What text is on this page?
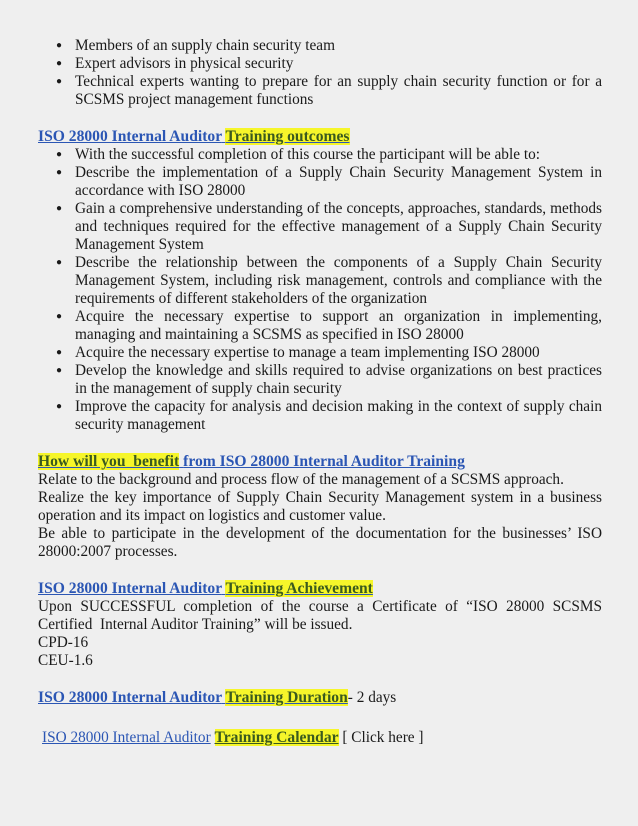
● Members of an supply chain security team
● Expert advisors in physical security
● Technical experts wanting to prepare for an supply chain security function or for a SCSMS project management functions
ISO 28000 Internal Auditor Training outcomes
● With the successful completion of this course the participant will be able to:
● Describe the implementation of a Supply Chain Security Management System in accordance with ISO 28000
● Gain a comprehensive understanding of the concepts, approaches, standards, methods and techniques required for the effective management of a Supply Chain Security Management System
● Describe the relationship between the components of a Supply Chain Security Management System, including risk management, controls and compliance with the requirements of different stakeholders of the organization
● Acquire the necessary expertise to support an organization in implementing, managing and maintaining a SCSMS as specified in ISO 28000
● Acquire the necessary expertise to manage a team implementing ISO 28000
● Develop the knowledge and skills required to advise organizations on best practices in the management of supply chain security
● Improve the capacity for analysis and decision making in the context of supply chain security management
How will you  benefit from ISO 28000 Internal Auditor Training

Relate to the background and process flow of the management of a SCSMS approach.

Realize the key importance of Supply Chain Security Management system in a business operation and its impact on logistics and customer value.

Be able to participate in the development of the documentation for the businesses’ ISO 28000:2007 processes.

ISO 28000 Internal Auditor Training Achievement

Upon SUCCESSFUL completion of the course a Certificate of “ISO 28000 SCSMS Certified  Internal Auditor Training” will be issued.

CPD-16

CEU-1.6

ISO 28000 Internal Auditor Training Duration- 2 days
ISO 28000 Internal Auditor Training Calendar [ Click here ]
